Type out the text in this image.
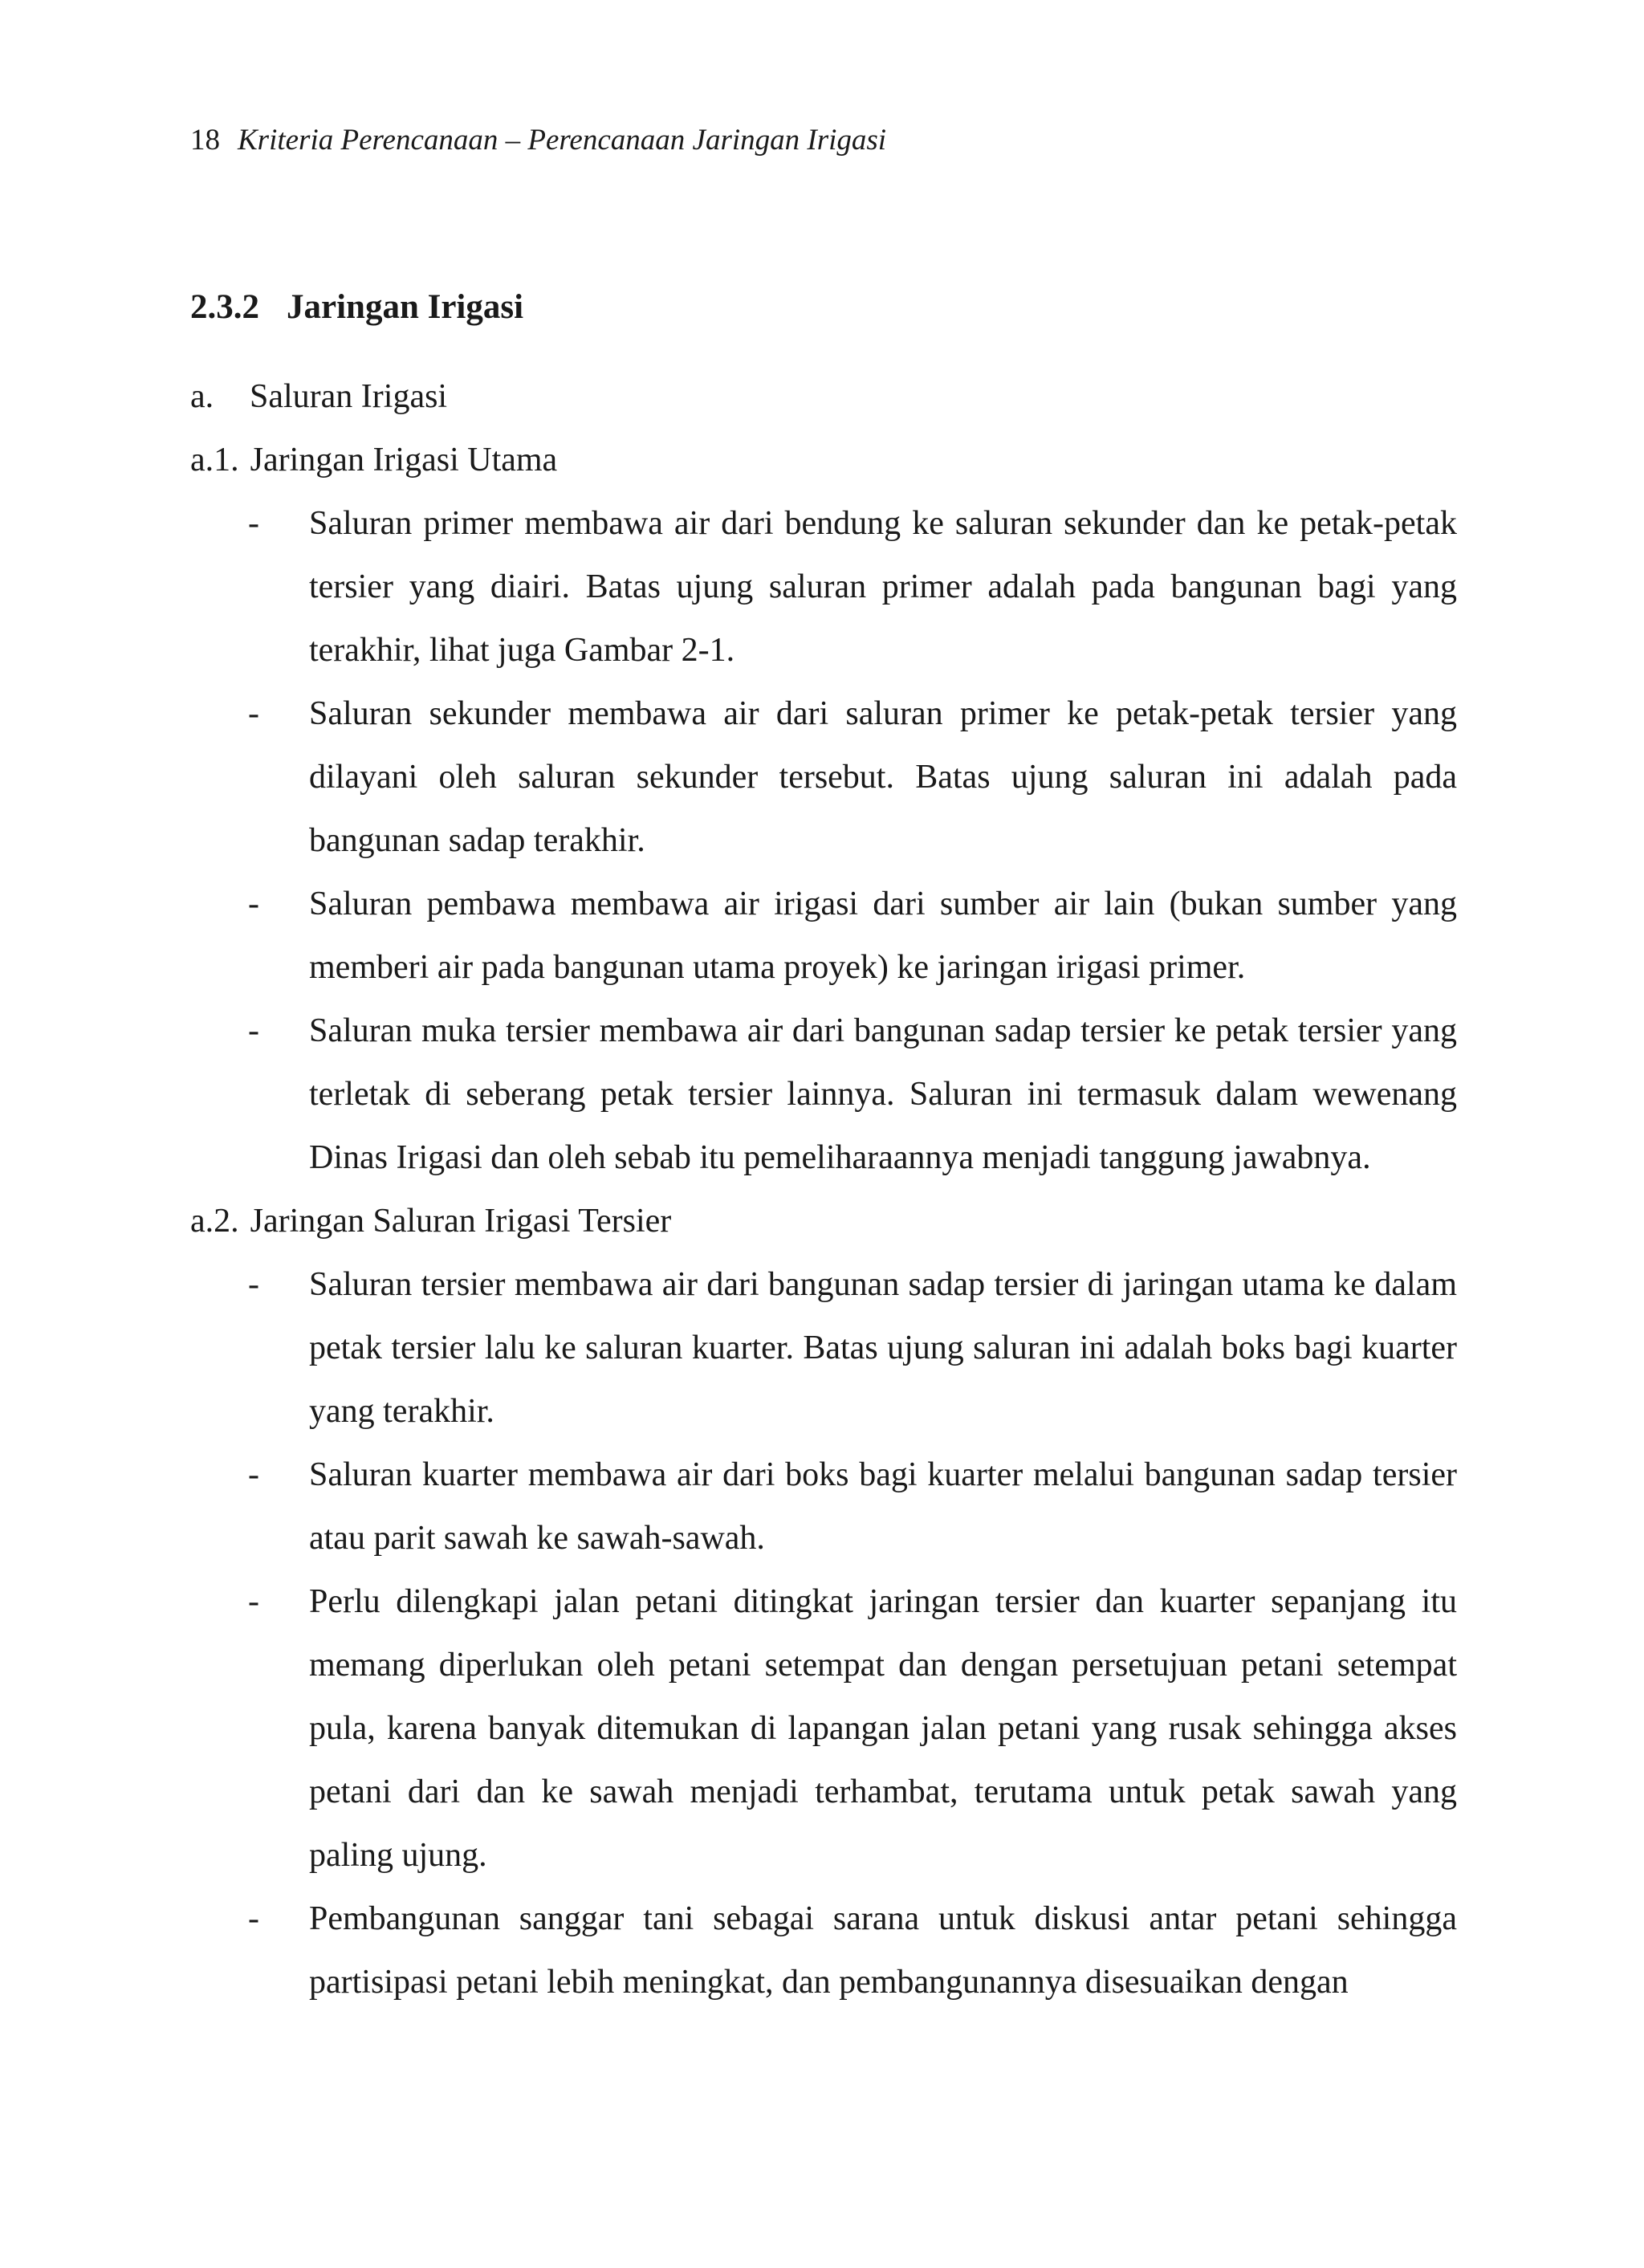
18 Kriteria Perencanaan – Perencanaan Jaringan Irigasi
2.3.2 Jaringan Irigasi
a. Saluran Irigasi
a.1. Jaringan Irigasi Utama
- Saluran primer membawa air dari bendung ke saluran sekunder dan ke petak-petak tersier yang diairi. Batas ujung saluran primer adalah pada bangunan bagi yang terakhir, lihat juga Gambar 2-1.
- Saluran sekunder membawa air dari saluran primer ke petak-petak tersier yang dilayani oleh saluran sekunder tersebut. Batas ujung saluran ini adalah pada bangunan sadap terakhir.
- Saluran pembawa membawa air irigasi dari sumber air lain (bukan sumber yang memberi air pada bangunan utama proyek) ke jaringan irigasi primer.
- Saluran muka tersier membawa air dari bangunan sadap tersier ke petak tersier yang terletak di seberang petak tersier lainnya. Saluran ini termasuk dalam wewenang Dinas Irigasi dan oleh sebab itu pemeliharaannya menjadi tanggung jawabnya.
a.2. Jaringan Saluran Irigasi Tersier
- Saluran tersier membawa air dari bangunan sadap tersier di jaringan utama ke dalam petak tersier lalu ke saluran kuarter. Batas ujung saluran ini adalah boks bagi kuarter yang terakhir.
- Saluran kuarter membawa air dari boks bagi kuarter melalui bangunan sadap tersier atau parit sawah ke sawah-sawah.
- Perlu dilengkapi jalan petani ditingkat jaringan tersier dan kuarter sepanjang itu memang diperlukan oleh petani setempat dan dengan persetujuan petani setempat pula, karena banyak ditemukan di lapangan jalan petani yang rusak sehingga akses petani dari dan ke sawah menjadi terhambat, terutama untuk petak sawah yang paling ujung.
- Pembangunan sanggar tani sebagai sarana untuk diskusi antar petani sehingga partisipasi petani lebih meningkat, dan pembangunannya disesuaikan dengan
